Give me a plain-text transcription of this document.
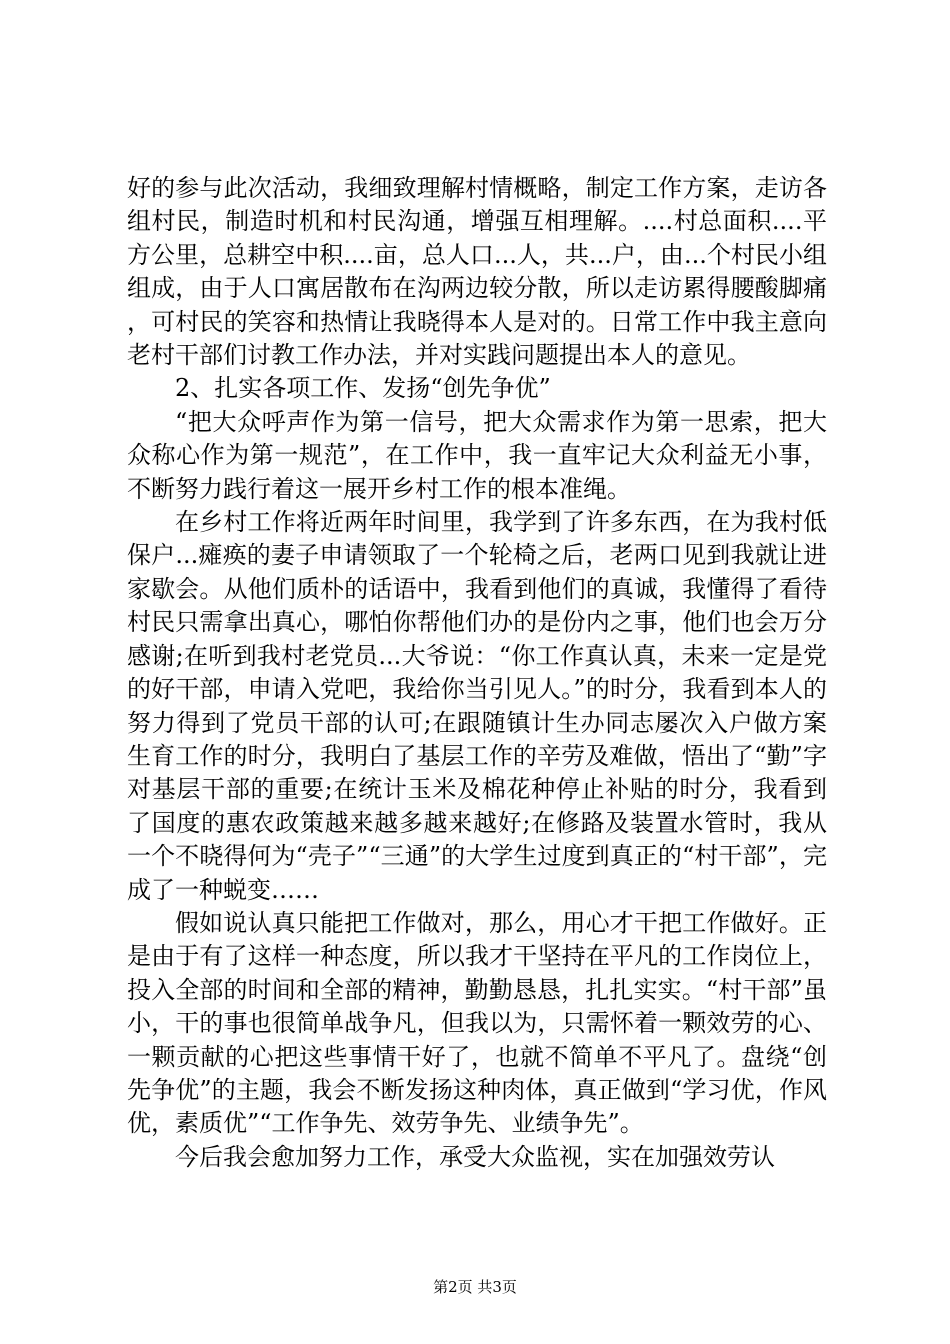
好的参与此次活动，我细致理解村情概略，制定工作方案，走访各组村民，制造时机和村民沟通，增强互相理解。....村总面积....平方公里，总耕空中积....亩，总人口...人，共...户，由...个村民小组组成，由于人口寓居散布在沟两边较分散，所以走访累得腰酸脚痛，可村民的笑容和热情让我晓得本人是对的。日常工作中我主意向老村干部们讨教工作办法，并对实践问题提出本人的意见。

2、扎实各项工作、发扬“创先争优”

“把大众呼声作为第一信号，把大众需求作为第一思索，把大众称心作为第一规范”，在工作中，我一直牢记大众利益无小事，不断努力践行着这一展开乡村工作的根本准绳。

在乡村工作将近两年时间里，我学到了许多东西，在为我村低保户...瘫痪的妻子申请领取了一个轮椅之后，老两口见到我就让进家歇会。从他们质朴的话语中，我看到他们的真诚，我懂得了看待村民只需拿出真心，哪怕你帮他们办的是份内之事，他们也会万分感谢;在听到我村老党员...大爷说：“你工作真认真，未来一定是党的好干部，申请入党吧，我给你当引见人。”的时分，我看到本人的努力得到了党员干部的认可;在跟随镇计生办同志屡次入户做方案生育工作的时分，我明白了基层工作的辛劳及难做，悟出了“勤”字对基层干部的重要;在统计玉米及棉花种停止补贴的时分，我看到了国度的惠农政策越来越多越来越好;在修路及装置水管时，我从一个不晓得何为“壳子”“三通”的大学生过度到真正的“村干部”，完成了一种蜕变……

假如说认真只能把工作做对，那么，用心才干把工作做好。正是由于有了这样一种态度，所以我才干坚持在平凡的工作岗位上，投入全部的时间和全部的精神，勤勤恳恳，扎扎实实。“村干部”虽小，干的事也很简单战争凡，但我以为，只需怀着一颗效劳的心、一颗贡献的心把这些事情干好了，也就不简单不平凡了。盘绕“创先争优”的主题，我会不断发扬这种肉体，真正做到“学习优，作风优，素质优”“工作争先、效劳争先、业绩争先”。

今后我会愈加努力工作，承受大众监视，实在加强效劳认

第2页 共3页
